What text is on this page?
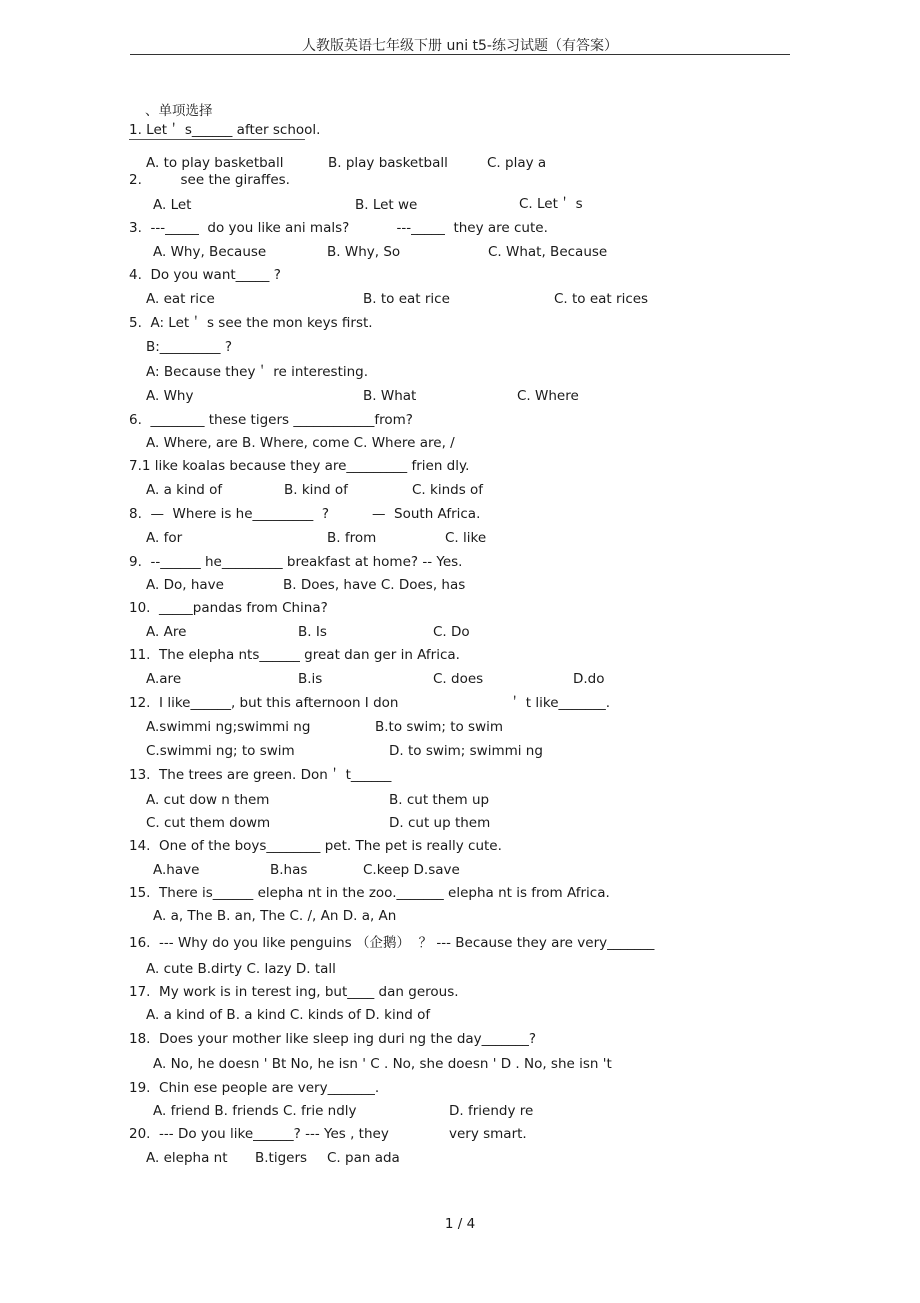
人教版英语七年级下册 uni t5-练习试题（有答案）
、单项选择
1. Let＇ s______ after school.
A. to play basketball	B. play basketball	C. play a
2.         see the giraffes.
A. Let	B. Let we	C. Let＇ s
3.  ---_____  do you like ani mals?           ---_____  they are cute.
A. Why, Because	B. Why, So	C. What, Because
4.  Do you want_____ ?
A. eat rice	B. to eat rice	C. to eat rices
5.  A: Let＇ s see the mon keys first.
B:_________ ?
A: Because they＇ re interesting.
A. Why	B. What	C. Where
6.  ________ these tigers ____________from?
A. Where, are B. Where, come C. Where are, /
7.1 like koalas because they are_________ frien dly.
A. a kind of	B. kind of	C. kinds of
8.  —  Where is he_________  ?          —  South Africa.
A. for	B. from	C. like
9.  --______ he_________ breakfast at home? -- Yes.
A. Do, have	B. Does, have C. Does, has
10.  _____pandas from China?
A. Are	B. Is	C. Do
11.  The elepha nts______ great dan ger in Africa.
A.are	B.is	C. does	D.do
12.  I like______, but this afternoon I don	＇ t like_______.
A.swimmi ng;swimmi ng	B.to swim; to swim
C.swimmi ng; to swim	D. to swim; swimmi ng
13.  The trees are green. Don＇ t______
A. cut dow n them	B. cut them up
C. cut them dowm	D. cut up them
14.  One of the boys________ pet. The pet is really cute.
A.have	B.has	C.keep D.save
15.  There is______ elepha nt in the zoo._______ elepha nt is from Africa.
A. a, The B. an, The C. /, An D. a, An
16.  --- Why do you like penguins （企鹅）  ？ --- Because they are very_______
A. cute B.dirty C. lazy D. tall
17.  My work is in terest ing, but____ dan gerous.
A. a kind of B. a kind C. kinds of D. kind of
18.  Does your mother like sleep ing duri ng the day_______?
A. No, he doesn ' Bt No, he isn ' C . No, she doesn ' D . No, she isn 't
19.  Chin ese people are very_______.
A. friend B. friends C. frie ndly	D. friendy re
20.  --- Do you like______? --- Yes , they	very smart.
A. elepha nt B.tigers C. pan ada
1 / 4
